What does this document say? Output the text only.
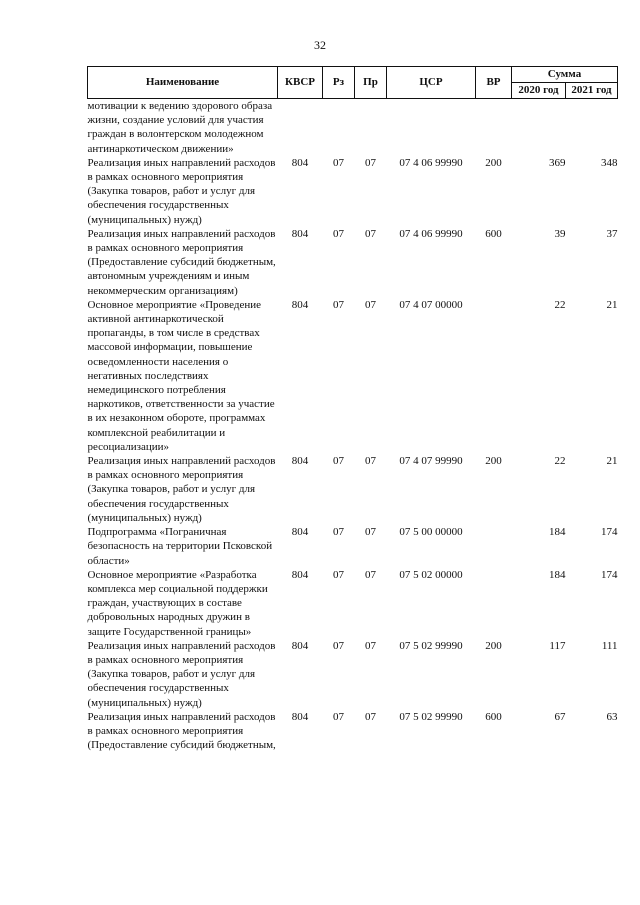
32
Наименование	КВСР	Рз	Пр	ЦСР	ВР	Сумма	
						2020 год	2021 год
мотивации к ведению здорового образа жизни, создание условий для участия граждан в волонтерском молодежном антинаркотическом движении»							
Реализация иных направлений расходов в рамках основного мероприятия (Закупка товаров, работ и услуг для обеспечения государственных (муниципальных) нужд)	804	07	07	07 4 06 99990	200	369	348
Реализация иных направлений расходов в рамках основного мероприятия (Предоставление субсидий бюджетным, автономным учреждениям и иным некоммерческим организациям)	804	07	07	07 4 06 99990	600	39	37
Основное мероприятие «Проведение активной антинаркотической пропаганды, в том числе в средствах массовой информации, повышение осведомленности населения о негативных последствиях немедицинского потребления наркотиков, ответственности за участие в их незаконном обороте, программах комплексной реабилитации и ресоциализации»	804	07	07	07 4 07 00000		22	21
Реализация иных направлений расходов в рамках основного мероприятия (Закупка товаров, работ и услуг для обеспечения государственных (муниципальных) нужд)	804	07	07	07 4 07 99990	200	22	21
Подпрограмма «Пограничная безопасность на территории Псковской области»	804	07	07	07 5 00 00000		184	174
Основное мероприятие «Разработка комплекса мер социальной поддержки граждан, участвующих в составе добровольных народных дружин в защите Государственной границы»	804	07	07	07 5 02 00000		184	174
Реализация иных направлений расходов в рамках основного мероприятия (Закупка товаров, работ и услуг для обеспечения государственных (муниципальных) нужд)	804	07	07	07 5 02 99990	200	117	111
Реализация иных направлений расходов в рамках основного мероприятия (Предоставление субсидий бюджетным,	804	07	07	07 5 02 99990	600	67	63
